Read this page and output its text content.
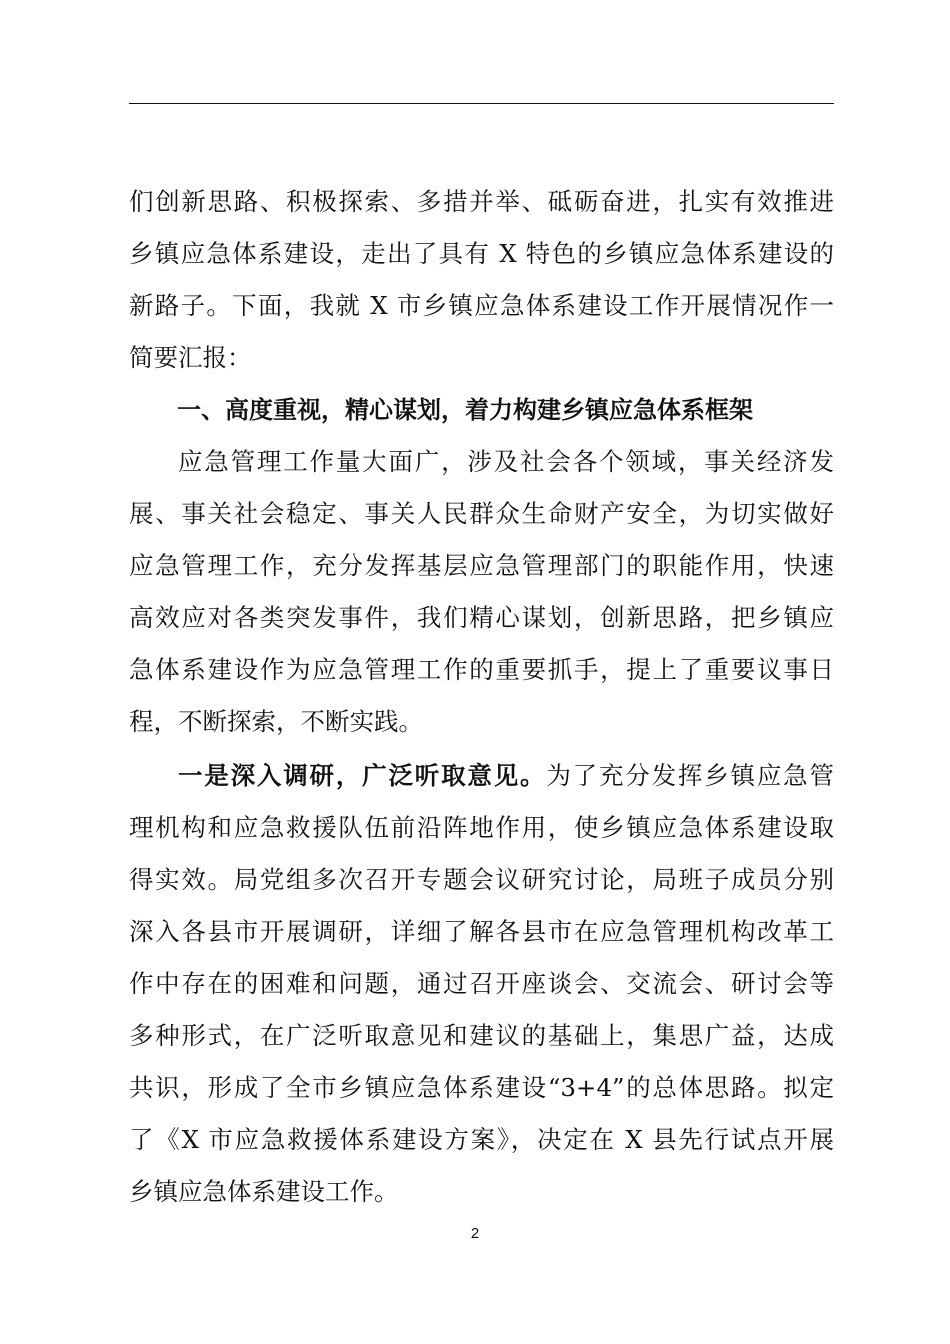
们创新思路、积极探索、多措并举、砥砺奋进，扎实有效推进
乡镇应急体系建设，走出了具有 X 特色的乡镇应急体系建设的
新路子。下面，我就 X 市乡镇应急体系建设工作开展情况作一
简要汇报：
一、高度重视，精心谋划，着力构建乡镇应急体系框架
应急管理工作量大面广，涉及社会各个领域，事关经济发
展、事关社会稳定、事关人民群众生命财产安全，为切实做好
应急管理工作，充分发挥基层应急管理部门的职能作用，快速
高效应对各类突发事件，我们精心谋划，创新思路，把乡镇应
急体系建设作为应急管理工作的重要抓手，提上了重要议事日
程，不断探索，不断实践。
一是深入调研，广泛听取意见。为了充分发挥乡镇应急管
理机构和应急救援队伍前沿阵地作用，使乡镇应急体系建设取
得实效。局党组多次召开专题会议研究讨论，局班子成员分别
深入各县市开展调研，详细了解各县市在应急管理机构改革工
作中存在的困难和问题，通过召开座谈会、交流会、研讨会等
多种形式，在广泛听取意见和建议的基础上，集思广益，达成
共识，形成了全市乡镇应急体系建设“3+4”的总体思路。拟定
了《X 市应急救援体系建设方案》，决定在 X 县先行试点开展
乡镇应急体系建设工作。
2
